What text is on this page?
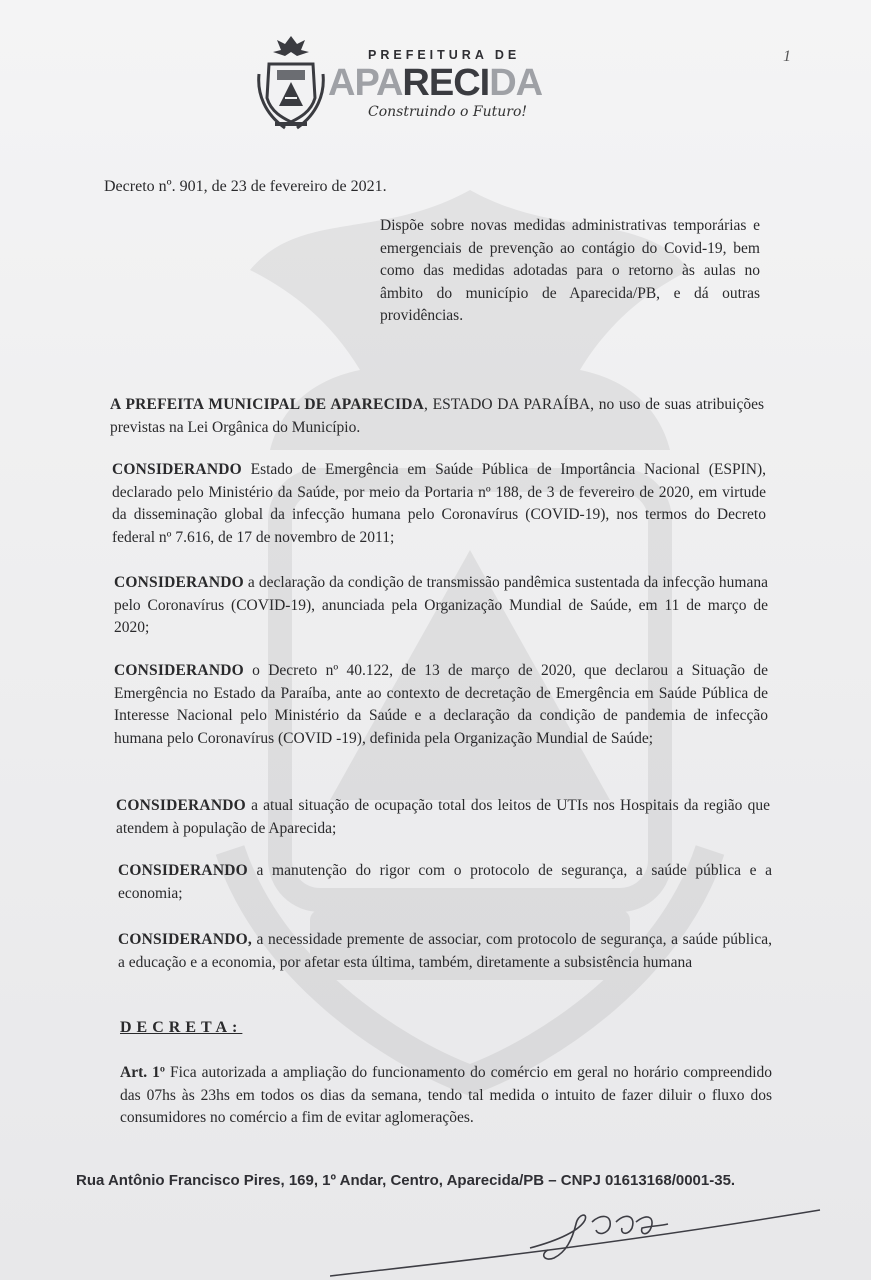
PREFEITURA DE
APARECIDA
Construindo o Futuro!
1
Decreto nº. 901, de 23 de fevereiro de 2021.
Dispõe sobre novas medidas administrativas temporárias e emergenciais de prevenção ao contágio do Covid-19, bem como das medidas adotadas para o retorno às aulas no âmbito do município de Aparecida/PB, e dá outras providências.
A PREFEITA MUNICIPAL DE APARECIDA, ESTADO DA PARAÍBA, no uso de suas atribuições previstas na Lei Orgânica do Município.
CONSIDERANDO Estado de Emergência em Saúde Pública de Importância Nacional (ESPIN), declarado pelo Ministério da Saúde, por meio da Portaria nº 188, de 3 de fevereiro de 2020, em virtude da disseminação global da infecção humana pelo Coronavírus (COVID-19), nos termos do Decreto federal nº 7.616, de 17 de novembro de 2011;
CONSIDERANDO a declaração da condição de transmissão pandêmica sustentada da infecção humana pelo Coronavírus (COVID-19), anunciada pela Organização Mundial de Saúde, em 11 de março de 2020;
CONSIDERANDO o Decreto nº 40.122, de 13 de março de 2020, que declarou a Situação de Emergência no Estado da Paraíba, ante ao contexto de decretação de Emergência em Saúde Pública de Interesse Nacional pelo Ministério da Saúde e a declaração da condição de pandemia de infecção humana pelo Coronavírus (COVID -19), definida pela Organização Mundial de Saúde;
CONSIDERANDO a atual situação de ocupação total dos leitos de UTIs nos Hospitais da região que atendem à população de Aparecida;
CONSIDERANDO a manutenção do rigor com o protocolo de segurança, a saúde pública e a economia;
CONSIDERANDO, a necessidade premente de associar, com protocolo de segurança, a saúde pública, a educação e a economia, por afetar esta última, também, diretamente a subsistência humana
DECRETA:
Art. 1º Fica autorizada a ampliação do funcionamento do comércio em geral no horário compreendido das 07hs às 23hs em todos os dias da semana, tendo tal medida o intuito de fazer diluir o fluxo dos consumidores no comércio a fim de evitar aglomerações.
Rua Antônio Francisco Pires, 169, 1º Andar, Centro, Aparecida/PB – CNPJ 01613168/0001-35.
